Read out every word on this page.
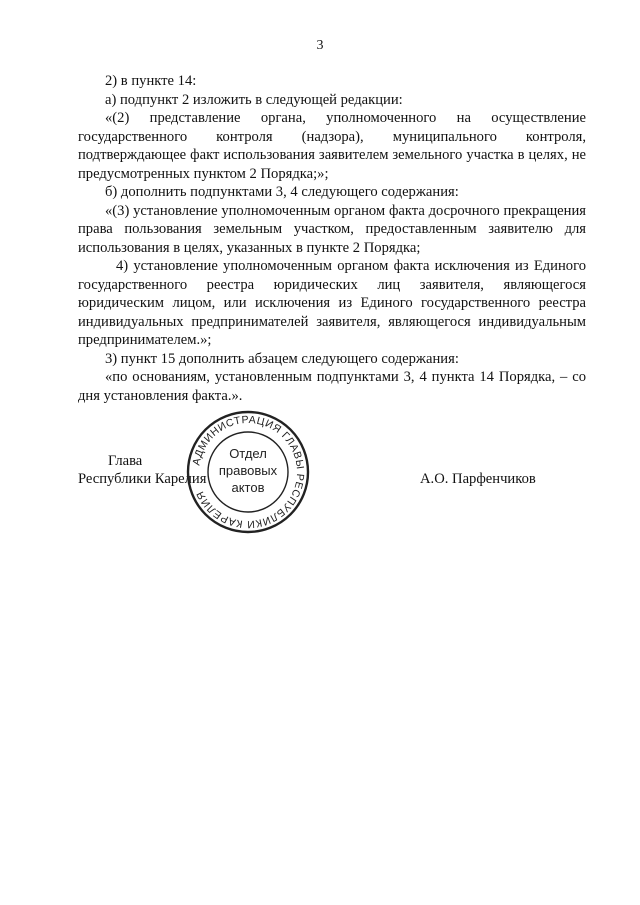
3

2) в пункте 14:

а) подпункт 2 изложить в следующей редакции:

«(2) представление органа, уполномоченного на осуществление государственного контроля (надзора), муниципального контроля, подтверждающее факт использования заявителем земельного участка в целях, не предусмотренных пунктом 2 Порядка;»;

б) дополнить подпунктами 3, 4 следующего содержания:

«(3) установление уполномоченным органом факта досрочного прекращения права пользования земельным участком, предоставленным заявителю для использования в целях, указанных в пункте 2 Порядка;

4) установление уполномоченным органом факта исключения из Единого государственного реестра юридических лиц заявителя, являющегося юридическим лицом, или исключения из Единого государственного реестра индивидуальных предпринимателей заявителя, являющегося индивидуальным предпринимателем.»;

3) пункт 15 дополнить абзацем следующего содержания:

«по основаниям, установленным подпунктами 3, 4 пункта 14 Порядка, – со дня установления факта.».

Глава
Республики Карелия	А.О. Парфенчиков
АДМИНИСТРАЦИЯ ГЛАВЫ РЕСПУБЛИКИ КАРЕЛИЯ
Отдел
правовых
актов
